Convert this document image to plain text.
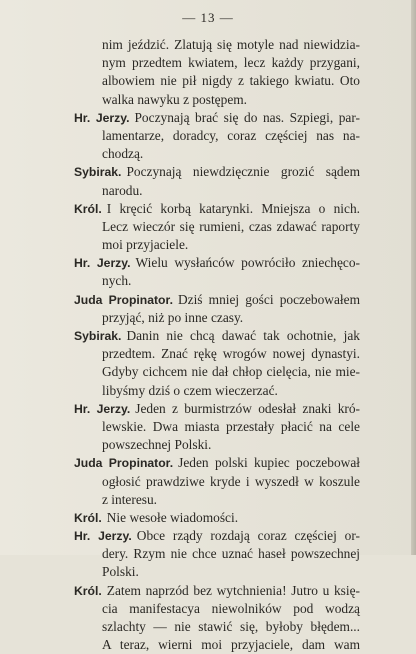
— 13 —
nim jeździć. Zlatują się motyle nad niewidzia-
nym przedtem kwiatem, lecz każdy przygani,
albowiem nie pił nigdy z takiego kwiatu. Oto
walka nawyku z postępem.
Hr. Jerzy. Poczynają brać się do nas. Szpiegi, par-
lamentarze, doradcy, coraz częściej nas na-
chodzą.
Sybirak. Poczynają niewdzięcznie grozić sądem
narodu.
Król. I kręcić korbą katarynki. Mniejsza o nich.
Lecz wieczór się rumieni, czas zdawać raporty
moi przyjaciele.
Hr. Jerzy. Wielu wysłańców powróciło zniechęco-
nych.
Juda Propinator. Dziś mniej gości poczebowałem
przyjąć, niż po inne czasy.
Sybirak. Danin nie chcą dawać tak ochotnie, jak
przedtem. Znać rękę wrogów nowej dynastyi.
Gdyby cichcem nie dał chłop cielęcia, nie mie-
libyśmy dziś o czem wieczerzać.
Hr. Jerzy. Jeden z burmistrzów odesłał znaki kró-
lewskie. Dwa miasta przestały płacić na cele
powszechnej Polski.
Juda Propinator. Jeden polski kupiec poczebował
ogłosić prawdziwe kryde i wyszedł w koszule
z interesu.
Król. Nie wesołe wiadomości.
Hr. Jerzy. Obce rządy rozdają coraz częściej or-
dery. Rzym nie chce uznać haseł powszechnej
Polski.
Król. Zatem naprzód bez wytchnienia! Jutro u księ-
cia manifestacya niewolników pod wodzą
szlachty — nie stawić się, byłoby błędem...
A teraz, wierni moi przyjaciele, dam wam
